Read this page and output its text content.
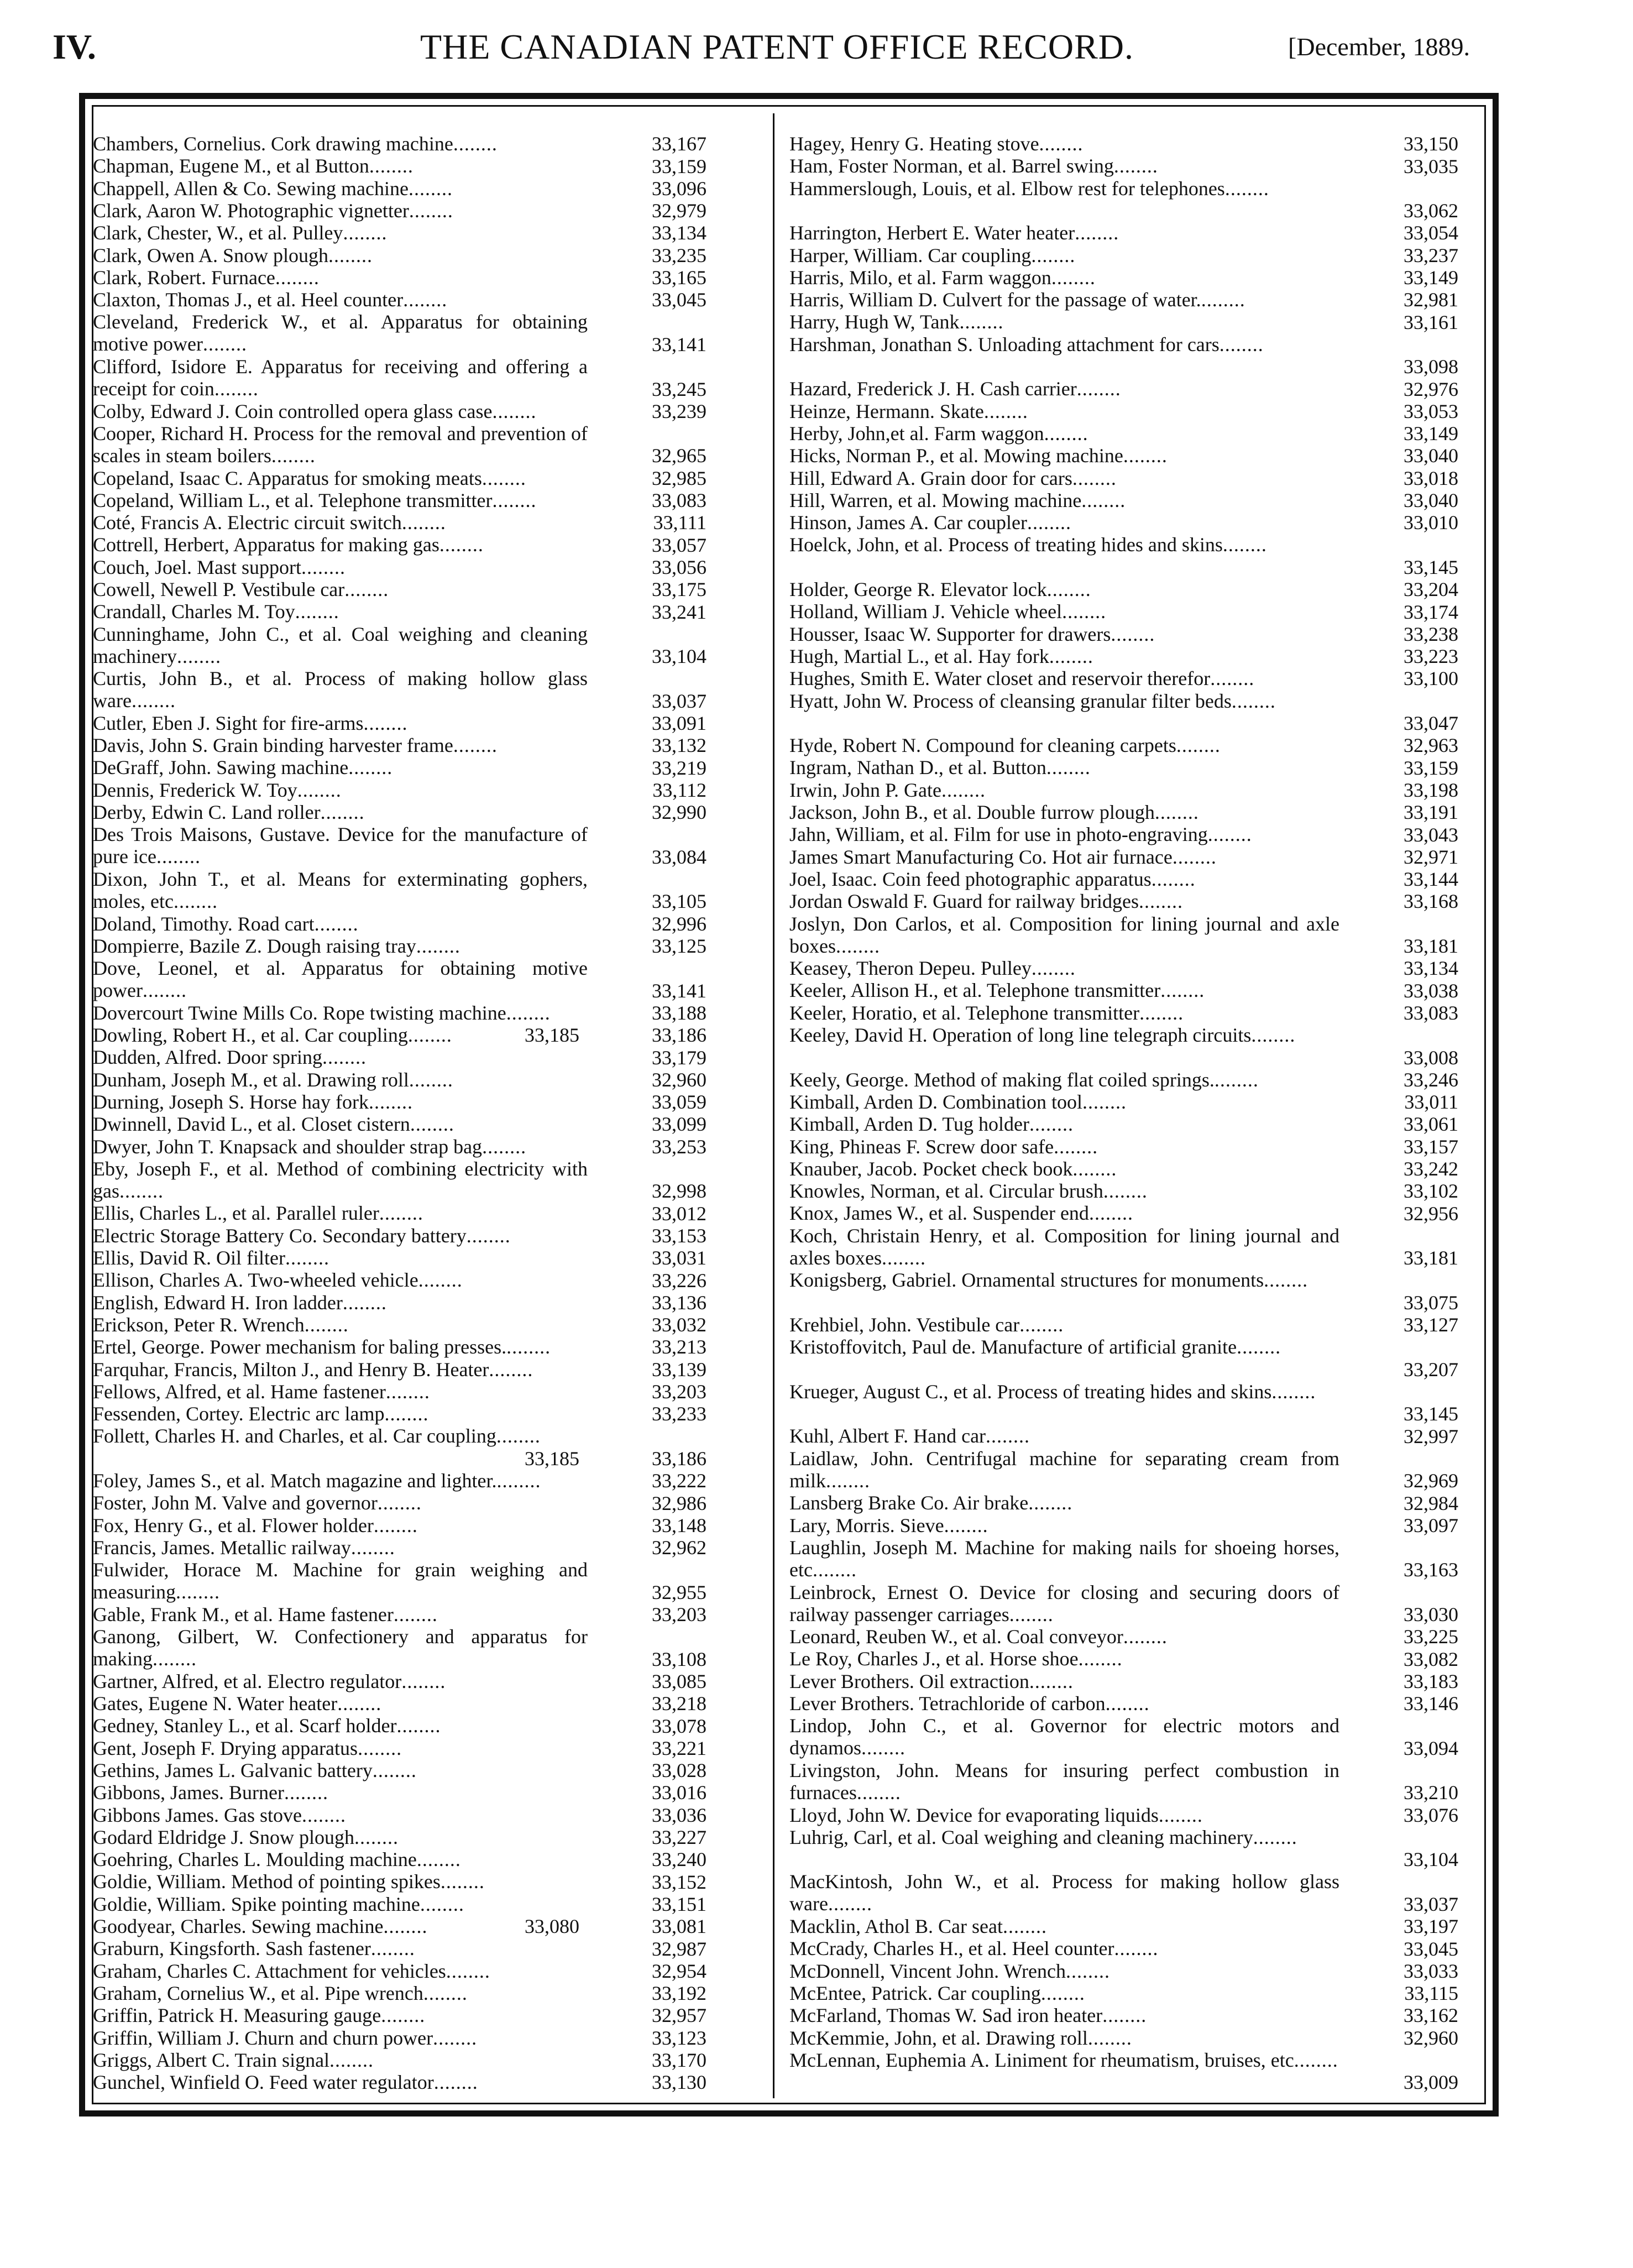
IV.	THE CANADIAN PATENT OFFICE RECORD.	[December, 1889.
Chambers, Cornelius. Cork drawing machine........	33,167
Chapman, Eugene M., et al Button........	33,159
Chappell, Allen & Co. Sewing machine........	33,096
Clark, Aaron W. Photographic vignetter........	32,979
Clark, Chester, W., et al. Pulley........	33,134
Clark, Owen A. Snow plough........	33,235
Clark, Robert. Furnace........	33,165
Claxton, Thomas J., et al. Heel counter........	33,045
Cleveland, Frederick W., et al. Apparatus for obtaining motive power........	33,141
Clifford, Isidore E. Apparatus for receiving and offering a receipt for coin........	33,245
Colby, Edward J. Coin controlled opera glass case........	33,239
Cooper, Richard H. Process for the removal and prevention of scales in steam boilers........	32,965
Copeland, Isaac C. Apparatus for smoking meats........	32,985
Copeland, William L., et al. Telephone transmitter........	33,083
Coté, Francis A. Electric circuit switch........	33,111
Cottrell, Herbert, Apparatus for making gas........	33,057
Couch, Joel. Mast support........	33,056
Cowell, Newell P. Vestibule car........	33,175
Crandall, Charles M. Toy........	33,241
Cunninghame, John C., et al. Coal weighing and cleaning machinery........	33,104
Curtis, John B., et al. Process of making hollow glass ware........	33,037
Cutler, Eben J. Sight for fire-arms........	33,091
Davis, John S. Grain binding harvester frame........	33,132
DeGraff, John. Sawing machine........	33,219
Dennis, Frederick W. Toy........	33,112
Derby, Edwin C. Land roller........	32,990
Des Trois Maisons, Gustave. Device for the manufacture of pure ice........	33,084
Dixon, John T., et al. Means for exterminating gophers, moles, etc........	33,105
Doland, Timothy. Road cart........	32,996
Dompierre, Bazile Z. Dough raising tray........	33,125
Dove, Leonel, et al. Apparatus for obtaining motive power........	33,141
Dovercourt Twine Mills Co. Rope twisting machine........	33,188
Dowling, Robert H., et al. Car coupling........	33,185	33,186
Dudden, Alfred. Door spring........	33,179
Dunham, Joseph M., et al. Drawing roll........	32,960
Durning, Joseph S. Horse hay fork........	33,059
Dwinnell, David L., et al. Closet cistern........	33,099
Dwyer, John T. Knapsack and shoulder strap bag........	33,253
Eby, Joseph F., et al. Method of combining electricity with gas........	32,998
Ellis, Charles L., et al. Parallel ruler........	33,012
Electric Storage Battery Co. Secondary battery........	33,153
Ellis, David R. Oil filter........	33,031
Ellison, Charles A. Two-wheeled vehicle........	33,226
English, Edward H. Iron ladder........	33,136
Erickson, Peter R. Wrench........	33,032
Ertel, George. Power mechanism for baling presses.........	33,213
Farquhar, Francis, Milton J., and Henry B. Heater........	33,139
Fellows, Alfred, et al. Hame fastener........	33,203
Fessenden, Cortey. Electric arc lamp........	33,233
Follett, Charles H. and Charles, et al. Car coupling........
33,185	33,186
Foley, James S., et al. Match magazine and lighter.........	33,222
Foster, John M. Valve and governor........	32,986
Fox, Henry G., et al. Flower holder........	33,148
Francis, James. Metallic railway........	32,962
Fulwider, Horace M. Machine for grain weighing and measuring........	32,955
Gable, Frank M., et al. Hame fastener........	33,203
Ganong, Gilbert, W. Confectionery and apparatus for making........	33,108
Gartner, Alfred, et al. Electro regulator........	33,085
Gates, Eugene N. Water heater........	33,218
Gedney, Stanley L., et al. Scarf holder........	33,078
Gent, Joseph F. Drying apparatus........	33,221
Gethins, James L. Galvanic battery........	33,028
Gibbons, James. Burner........	33,016
Gibbons James. Gas stove........	33,036
Godard Eldridge J. Snow plough........	33,227
Goehring, Charles L. Moulding machine........	33,240
Goldie, William. Method of pointing spikes........	33,152
Goldie, William. Spike pointing machine........	33,151
Goodyear, Charles. Sewing machine........	33,080	33,081
Graburn, Kingsforth. Sash fastener........	32,987
Graham, Charles C. Attachment for vehicles........	32,954
Graham, Cornelius W., et al. Pipe wrench........	33,192
Griffin, Patrick H. Measuring gauge........	32,957
Griffin, William J. Churn and churn power........	33,123
Griggs, Albert C. Train signal........	33,170
Gunchel, Winfield O. Feed water regulator........	33,130
Hagey, Henry G. Heating stove........	33,150
Ham, Foster Norman, et al. Barrel swing........	33,035
Hammerslough, Louis, et al. Elbow rest for telephones........
33,062
Harrington, Herbert E. Water heater........	33,054
Harper, William. Car coupling........	33,237
Harris, Milo, et al. Farm waggon........	33,149
Harris, William D. Culvert for the passage of water.........	32,981
Harry, Hugh W, Tank........	33,161
Harshman, Jonathan S. Unloading attachment for cars........
33,098
Hazard, Frederick J. H. Cash carrier........	32,976
Heinze, Hermann. Skate........	33,053
Herby, John,et al. Farm waggon........	33,149
Hicks, Norman P., et al. Mowing machine........	33,040
Hill, Edward A. Grain door for cars........	33,018
Hill, Warren, et al. Mowing machine........	33,040
Hinson, James A. Car coupler........	33,010
Hoelck, John, et al. Process of treating hides and skins........
33,145
Holder, George R. Elevator lock........	33,204
Holland, William J. Vehicle wheel........	33,174
Housser, Isaac W. Supporter for drawers........	33,238
Hugh, Martial L., et al. Hay fork........	33,223
Hughes, Smith E. Water closet and reservoir therefor........	33,100
Hyatt, John W. Process of cleansing granular filter beds........
33,047
Hyde, Robert N. Compound for cleaning carpets........	32,963
Ingram, Nathan D., et al. Button........	33,159
Irwin, John P. Gate........	33,198
Jackson, John B., et al. Double furrow plough........	33,191
Jahn, William, et al. Film for use in photo-engraving........	33,043
James Smart Manufacturing Co. Hot air furnace........	32,971
Joel, Isaac. Coin feed photographic apparatus........	33,144
Jordan Oswald F. Guard for railway bridges........	33,168
Joslyn, Don Carlos, et al. Composition for lining journal and axle boxes........	33,181
Keasey, Theron Depeu. Pulley........	33,134
Keeler, Allison H., et al. Telephone transmitter........	33,038
Keeler, Horatio, et al. Telephone transmitter........	33,083
Keeley, David H. Operation of long line telegraph circuits........
33,008
Keely, George. Method of making flat coiled springs.........	33,246
Kimball, Arden D. Combination tool........	33,011
Kimball, Arden D. Tug holder........	33,061
King, Phineas F. Screw door safe........	33,157
Knauber, Jacob. Pocket check book........	33,242
Knowles, Norman, et al. Circular brush........	33,102
Knox, James W., et al. Suspender end........	32,956
Koch, Christain Henry, et al. Composition for lining journal and axles boxes........	33,181
Konigsberg, Gabriel. Ornamental structures for monuments........
33,075
Krehbiel, John. Vestibule car........	33,127
Kristoffovitch, Paul de. Manufacture of artificial granite........
33,207
Krueger, August C., et al. Process of treating hides and skins........
33,145
Kuhl, Albert F. Hand car........	32,997
Laidlaw, John. Centrifugal machine for separating cream from milk........	32,969
Lansberg Brake Co. Air brake........	32,984
Lary, Morris. Sieve........	33,097
Laughlin, Joseph M. Machine for making nails for shoeing horses, etc........	33,163
Leinbrock, Ernest O. Device for closing and securing doors of railway passenger carriages........	33,030
Leonard, Reuben W., et al. Coal conveyor........	33,225
Le Roy, Charles J., et al. Horse shoe........	33,082
Lever Brothers. Oil extraction........	33,183
Lever Brothers. Tetrachloride of carbon........	33,146
Lindop, John C., et al. Governor for electric motors and dynamos........	33,094
Livingston, John. Means for insuring perfect combustion in furnaces........	33,210
Lloyd, John W. Device for evaporating liquids........	33,076
Luhrig, Carl, et al. Coal weighing and cleaning machinery........
33,104
MacKintosh, John W., et al. Process for making hollow glass ware........	33,037
Macklin, Athol B. Car seat........	33,197
McCrady, Charles H., et al. Heel counter........	33,045
McDonnell, Vincent John. Wrench........	33,033
McEntee, Patrick. Car coupling........	33,115
McFarland, Thomas W. Sad iron heater........	33,162
McKemmie, John, et al. Drawing roll........	32,960
McLennan, Euphemia A. Liniment for rheumatism, bruises, etc........
33,009
